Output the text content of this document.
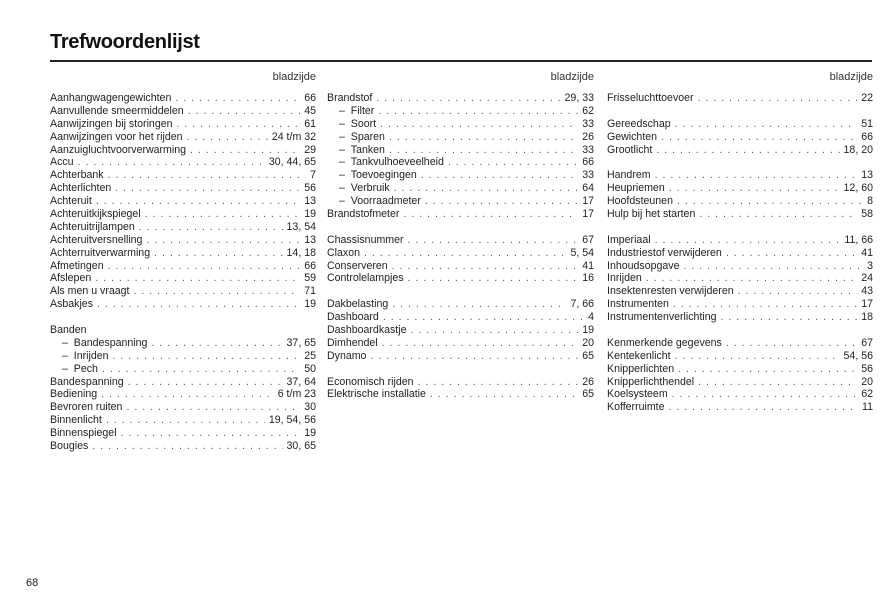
Trefwoordenlijst
bladzijde
Aanhangwagengewichten . . .	66
Aanvullende smeermiddelen . . .	45
Aanwijzingen bij storingen . . .	61
Aanwijzingen voor het rijden . . .	24 t/m 32
Aanzuigluchtvoorverwarming . . .	29
Accu . . .	30, 44, 65
Achterbank . . .	7
Achterlichten . . .	56
Achteruit . . .	13
Achteruitkijkspiegel . . .	19
Achteruitrijlampen . . .	13, 54
Achteruitversnelling . . .	13
Achterruitverwarming . . .	14, 18
Afmetingen . . .	66
Afslepen . . .	59
Als men u vraagt . . .	71
Asbakjes . . .	19
Banden
–  Bandespanning . . .	37, 65
–  Inrijden . . .	25
–  Pech . . .	50
Bandespanning . . .	37, 64
Bediening . . .	6 t/m 23
Bevroren ruiten . . .	30
Binnenlicht . . .	19, 54, 56
Binnenspiegel . . .	19
Bougies . . .	30, 65
bladzijde
Brandstof . . .	29, 33
–  Filter . . .	62
–  Soort . . .	33
–  Sparen . . .	26
–  Tanken . . .	33
–  Tankvulhoeveelheid . . .	66
–  Toevoegingen . . .	33
–  Verbruik . . .	64
–  Voorraadmeter . . .	17
Brandstofmeter . . .	17
Chassisnummer . . .	67
Claxon . . .	5, 54
Conserveren . . .	41
Controlelampjes . . .	16
Dakbelasting . . .	7, 66
Dashboard . . .	4
Dashboardkastje . . .	19
Dimhendel . . .	20
Dynamo . . .	65
Economisch rijden . . .	26
Elektrische installatie . . .	65
bladzijde
Frisseluchttoevoer . . .	22
Gereedschap . . .	51
Gewichten . . .	66
Grootlicht . . .	18, 20
Handrem . . .	13
Heupriemen . . .	12, 60
Hoofdsteunen . . .	8
Hulp bij het starten . . .	58
Imperiaal . . .	11, 66
Industriestof verwijderen . . .	41
Inhoudsopgave . . .	3
Inrijden . . .	24
Insektenresten verwijderen . . .	43
Instrumenten . . .	17
Instrumentenverlichting . . .	18
Kenmerkende gegevens . . .	67
Kentekenlicht . . .	54, 56
Knipperlichten . . .	56
Knipperlichthendel . . .	20
Koelsysteem . . .	62
Kofferruimte . . .	11
68
